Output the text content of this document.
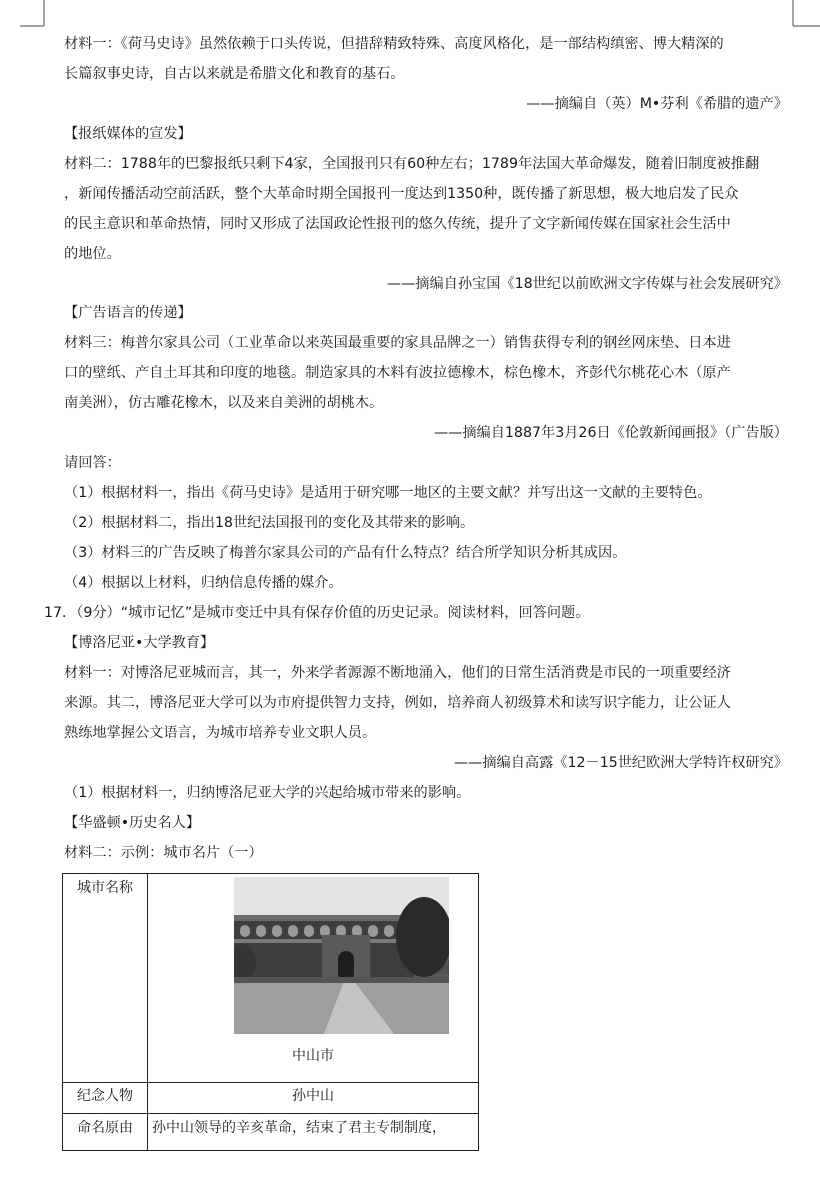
材料一：《荷马史诗》虽然依赖于口头传说，但措辞精致特殊、高度风格化，是一部结构缜密、博大精深的
长篇叙事史诗，自古以来就是希腊文化和教育的基石。
——摘编自（英）M•芬利《希腊的遗产》
【报纸媒体的宣发】
材料二：1788年的巴黎报纸只剩下4家，全国报刊只有60种左右；1789年法国大革命爆发，随着旧制度被推翻
，新闻传播活动空前活跃，整个大革命时期全国报刊一度达到1350种，既传播了新思想，极大地启发了民众
的民主意识和革命热情，同时又形成了法国政论性报刊的悠久传统，提升了文字新闻传媒在国家社会生活中
的地位。
——摘编自孙宝国《18世纪以前欧洲文字传媒与社会发展研究》
【广告语言的传递】
材料三：梅普尔家具公司（工业革命以来英国最重要的家具品牌之一）销售获得专利的钢丝网床垫、日本进
口的壁纸、产自土耳其和印度的地毯。制造家具的木料有波拉德橡木，棕色橡木，齐彭代尔桃花心木（原产
南美洲），仿古雕花橡木，以及来自美洲的胡桃木。
——摘编自1887年3月26日《伦敦新闻画报》（广告版）
请回答：
（1）根据材料一，指出《荷马史诗》是适用于研究哪一地区的主要文献？并写出这一文献的主要特色。
（2）根据材料二，指出18世纪法国报刊的变化及其带来的影响。
（3）材料三的广告反映了梅普尔家具公司的产品有什么特点？结合所学知识分析其成因。
（4）根据以上材料，归纳信息传播的媒介。
17．（9分）“城市记忆”是城市变迁中具有保存价值的历史记录。阅读材料，回答问题。
【博洛尼亚•大学教育】
材料一：对博洛尼亚城而言，其一，外来学者源源不断地涌入，他们的日常生活消费是市民的一项重要经济
来源。其二，博洛尼亚大学可以为市府提供智力支持，例如，培养商人初级算术和读写识字能力，让公证人
熟练地掌握公文语言，为城市培养专业文职人员。
——摘编自高露《12－15世纪欧洲大学特许权研究》
（1）根据材料一，归纳博洛尼亚大学的兴起给城市带来的影响。
【华盛顿•历史名人】
材料二：示例：城市名片（一）
城市名称	中山市

纪念人物	孙中山
命名原由	孙中山领导的辛亥革命，结束了君主专制制度，
